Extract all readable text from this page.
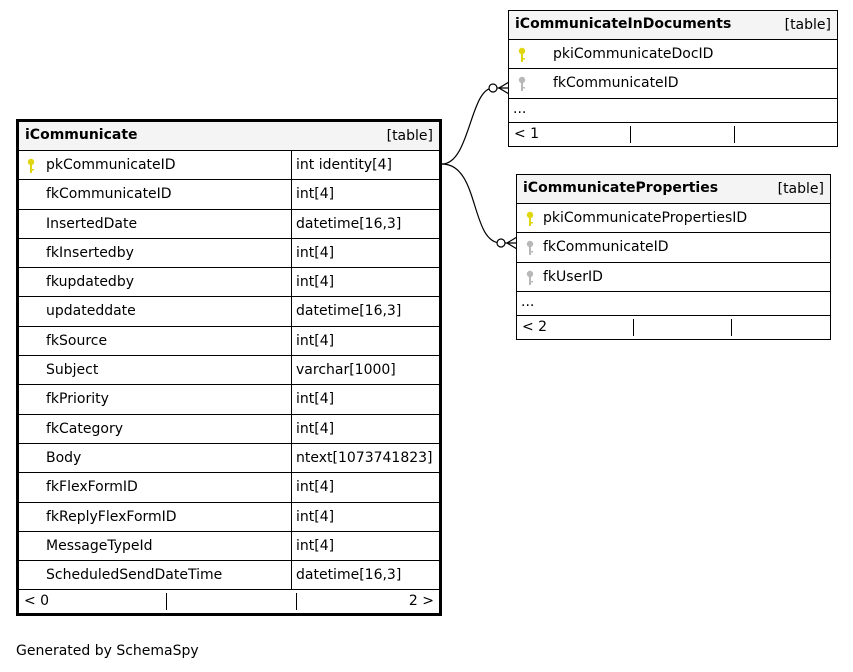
iCommunicate	[table]
pkCommunicateID	int identity[4]
fkCommunicateID	int[4]
InsertedDate	datetime[16,3]
fkInsertedby	int[4]
fkupdatedby	int[4]
updateddate	datetime[16,3]
fkSource	int[4]
Subject	varchar[1000]
fkPriority	int[4]
fkCategory	int[4]
Body	ntext[1073741823]
fkFlexFormID	int[4]
fkReplyFlexFormID	int[4]
MessageTypeId	int[4]
ScheduledSendDateTime	datetime[16,3]
< 0	2 >
iCommunicateInDocuments	[table]
pkiCommunicateDocID
fkCommunicateID
...
< 1
iCommunicateProperties	[table]
pkiCommunicatePropertiesID
fkCommunicateID
fkUserID
...
< 2
Generated by SchemaSpy
